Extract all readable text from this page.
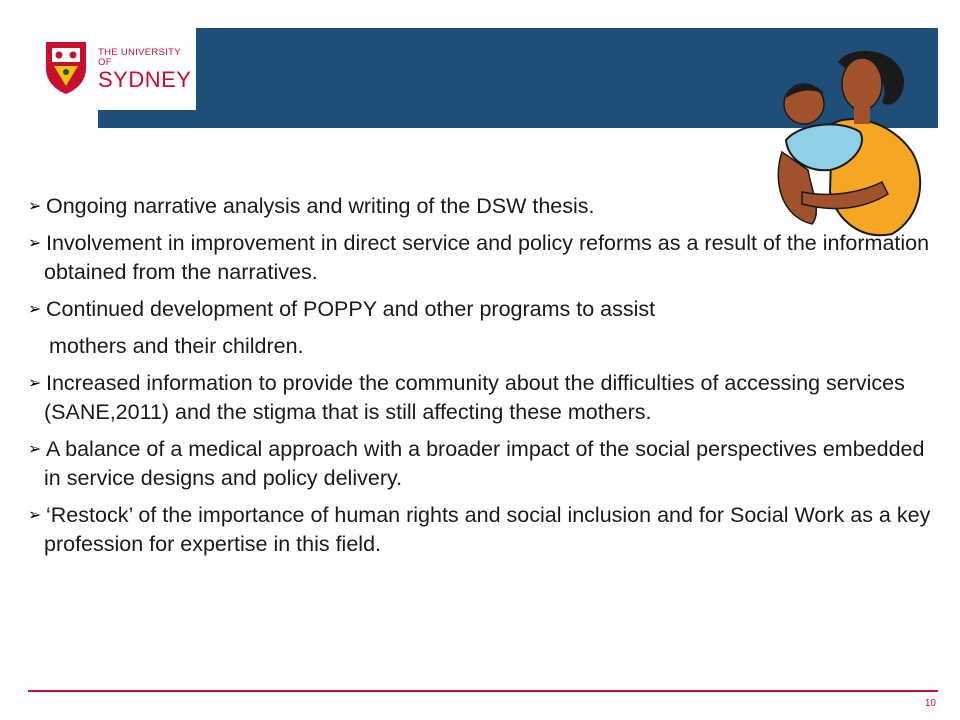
THE UNIVERSITY OF
SYDNEY
Summary and Conclusion
➢ Ongoing narrative analysis and writing of the DSW thesis.
➢ Involvement in improvement in direct service and policy reforms as a result of the information obtained from the narratives.
➢ Continued development of POPPY and other programs to assist
mothers and their children.
➢ Increased information to provide the community about the difficulties of accessing services (SANE,2011) and the stigma that is still affecting these mothers.
➢ A balance of a medical approach with a broader impact of the social perspectives embedded in service designs and policy delivery.
➢ ‘Restock’ of the importance of human rights and social inclusion and for Social Work as a key profession for expertise in this field.
10
